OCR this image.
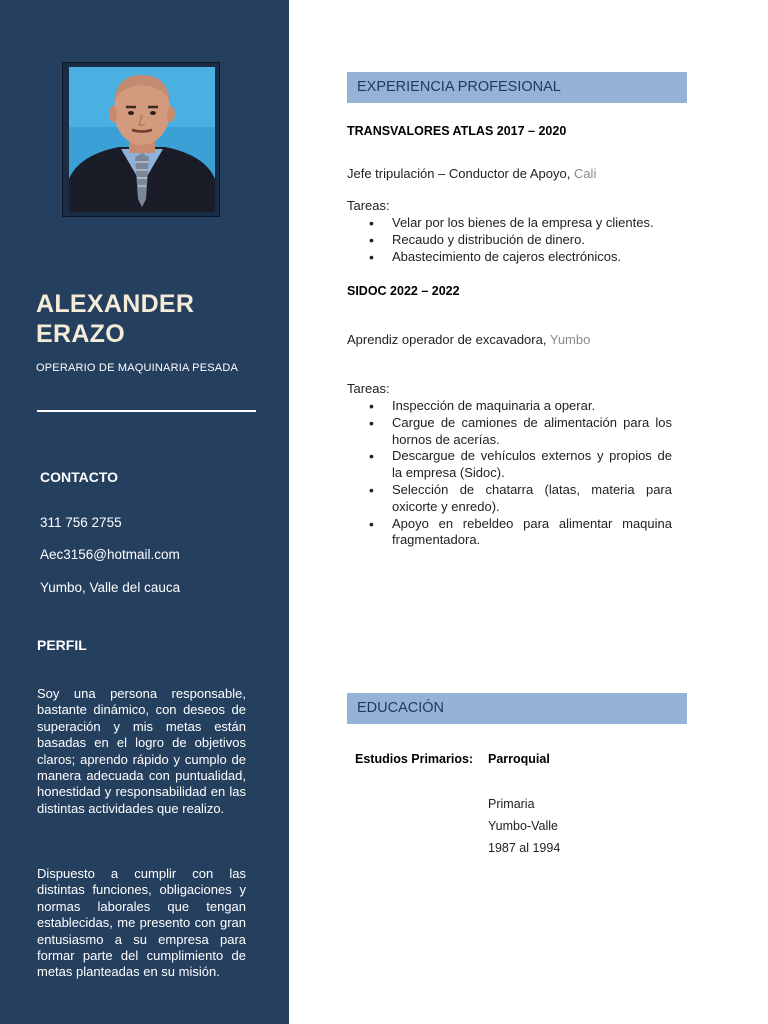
ALEXANDER
ERAZO
OPERARIO DE MAQUINARIA PESADA
CONTACTO
311 756 2755
Aec3156@hotmail.com
Yumbo, Valle del cauca
PERFIL
Soy una persona responsable, bastante dinámico, con deseos de superación y mis metas están basadas en el logro de objetivos claros; aprendo rápido y cumplo de manera adecuada con puntualidad, honestidad y responsabilidad en las distintas actividades que realizo.
Dispuesto a cumplir con las distintas funciones, obligaciones y normas laborales que tengan establecidas, me presento con gran entusiasmo a su empresa para formar parte del cumplimiento de metas planteadas en su misión.
EXPERIENCIA PROFESIONAL
TRANSVALORES ATLAS 2017 – 2020
Jefe tripulación – Conductor de Apoyo, Cali
Tareas:
• Velar por los bienes de la empresa y clientes.
• Recaudo y distribución de dinero.
• Abastecimiento de cajeros electrónicos.
SIDOC 2022 – 2022
Aprendiz operador de excavadora, Yumbo
Tareas:
• Inspección de maquinaria a operar.
• Cargue de camiones de alimentación para los hornos de acerías.
• Descargue de vehículos externos y propios de la empresa (Sidoc).
• Selección de chatarra (latas, materia para oxicorte y enredo).
• Apoyo en rebeldeo para alimentar maquina fragmentadora.
EDUCACIÓN
Estudios Primarios: Parroquial
Primaria
Yumbo-Valle
1987 al 1994
